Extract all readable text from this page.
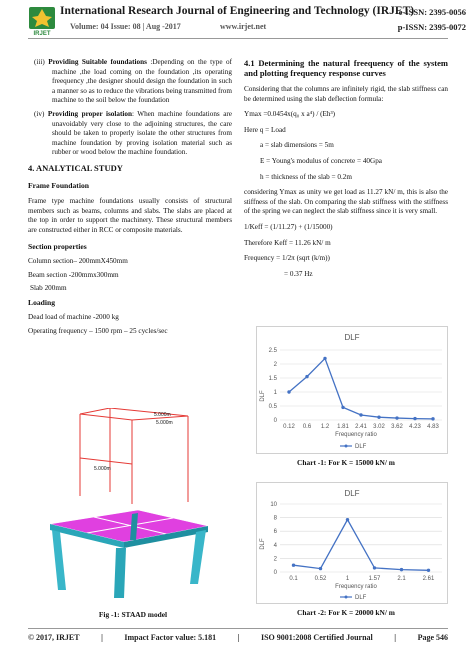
IRJET
International Research Journal of Engineering and Technology (IRJET)
e-ISSN: 2395-0056
Volume: 04 Issue: 08 | Aug -2017	www.irjet.net	p-ISSN: 2395-0072

(iii) Providing Suitable foundations :Depending on the type of machine ,the load coming on the foundation ,its operating freequency ,the designer should design the foundation in such a manner so as to reduce the vibrations being transmitted from machine to the soil below the foundation

(iv) Providing proper isolation: When machine foundations are unavoidably very close to the adjoining structures, the care should be taken to properly isolate the other structures from machine foundation by proving isolation material such as rubber or wood below the machine foundation.

4. ANALYTICAL STUDY

Frame Foundation

Frame type machine foundations usually consists of structural members such as beams, columns and slabs. The slabs are placed at the top in order to support the machinery. These structural members are constructed either in RCC or composite materials.

Section properties

Column section– 200mmX450mm

Beam section -200mmx300mm

Slab 200mm

Loading

Dead load of machine -2000 kg

Operating frequency – 1500 rpm – 25 cycles/sec

5.000m
5.000m
5.000m
Fig -1: STAAD model

4.1 Determining the natural freequency of the system and plotting frequency response curves

Considering that the columns are infinitely rigid, the slab stiffness can be determined using the slab deflection formula:

Ymax =0.0454x(q₀ x a⁴) / (Eh³)

Here q = Load

a = slab dimensions = 5m

E = Young's modulus of concrete = 40Gpa

h = thickness of the slab = 0.2m

considering Ymax as unity we get load as 11.27 kN/ m, this is also the stiffness of the slab. On comparing the slab stiffness with the stiffness of the spring we can neglect the slab stiffness since it is very small.

1/Keff = (1/11.27) + (1/15000)

Therefore Keff = 11.26 kN/ m

Frequency = 1/2π (sqrt (k/m))

= 0.37 Hz

DLF
DLF
Frequency ratio
DLF
0
0.5
1
1.5
2
2.5
0.12 0.6 1.2 1.81 2.41 3.02 3.62 4.23 4.83
Chart -1: For K = 15000 kN/ m
DLF
DLF
Frequency ratio
DLF
0
2
4
6
8
10
0.1	0.52	1	1.57	2.1	2.61
Chart -2: For K = 20000 kN/ m
© 2017, IRJET	|	Impact Factor value: 5.181	|	ISO 9001:2008 Certified Journal	|	Page 546
